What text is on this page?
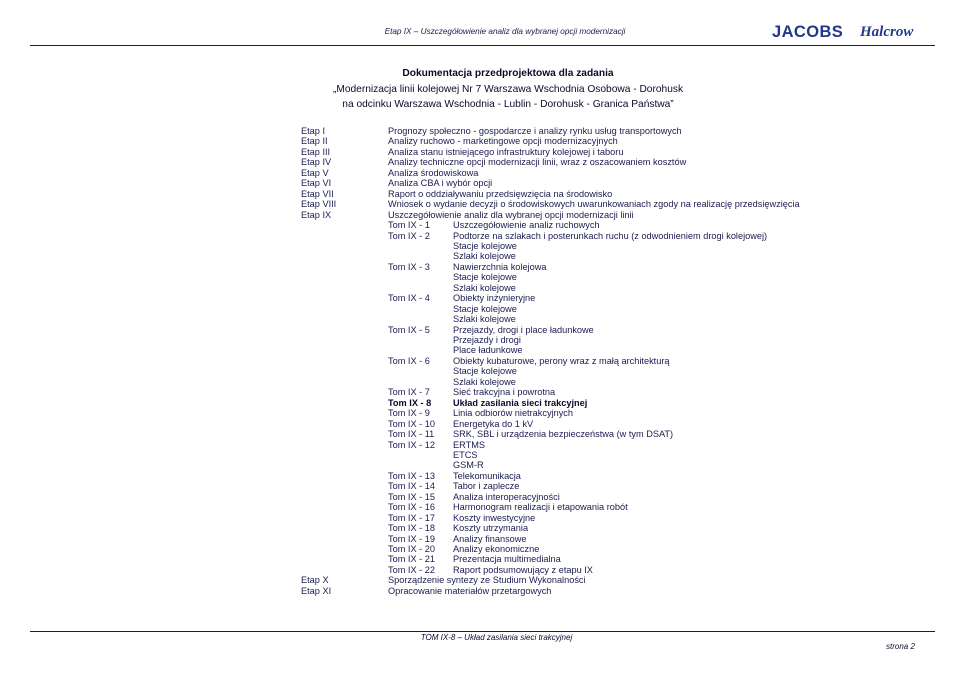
Etap IX – Uszczegółowienie analiz dla wybranej opcji modernizacji	JACOBS Halcrow
Dokumentacja przedprojektowa dla zadania
„Modernizacja linii kolejowej Nr 7 Warszawa Wschodnia Osobowa - Dorohusk
na odcinku Warszawa Wschodnia - Lublin - Dorohusk - Granica Państwa”
Etap I	Prognozy społeczno - gospodarcze i analizy rynku usług transportowych
Etap II	Analizy ruchowo - marketingowe opcji modernizacyjnych
Etap III	Analiza stanu istniejącego infrastruktury kolejowej i taboru
Etap IV	Analizy techniczne opcji modernizacji linii, wraz z oszacowaniem kosztów
Etap V	Analiza środowiskowa
Etap VI	Analiza CBA i wybór opcji
Etap VII	Raport o oddziaływaniu przedsięwzięcia na środowisko
Etap VIII	Wniosek o wydanie decyzji o środowiskowych uwarunkowaniach zgody na realizację przedsięwzięcia
Etap IX	Uszczegółowienie analiz dla wybranej opcji modernizacji linii
Tom IX - 1	Uszczegółowienie analiz ruchowych
Tom IX - 2	Podtorze na szlakach i posterunkach ruchu (z odwodnieniem drogi kolejowej)
Stacje kolejowe
Szlaki kolejowe
Tom IX - 3	Nawierzchnia kolejowa
Stacje kolejowe
Szlaki kolejowe
Tom IX - 4	Obiekty inżynieryjne
Stacje kolejowe
Szlaki kolejowe
Tom IX - 5	Przejazdy, drogi i place ładunkowe
Przejazdy i drogi
Place ładunkowe
Tom IX - 6	Obiekty kubaturowe, perony wraz z małą architekturą
Stacje kolejowe
Szlaki kolejowe
Tom IX - 7	Sieć trakcyjna i powrotna
Tom IX - 8 Układ zasilania sieci trakcyjnej
Tom IX - 9	Linia odbiorów nietrakcyjnych
Tom IX - 10 Energetyka do 1 kV
Tom IX - 11 SRK, SBL i urządzenia bezpieczeństwa (w tym DSAT)
Tom IX - 12 ERTMS
ETCS
GSM-R
Tom IX - 13 Telekomunikacja
Tom IX - 14 Tabor i zaplecze
Tom IX - 15 Analiza interoperacyjności
Tom IX - 16 Harmonogram realizacji i etapowania robót
Tom IX - 17 Koszty inwestycyjne
Tom IX - 18 Koszty utrzymania
Tom IX - 19 Analizy finansowe
Tom IX - 20 Analizy ekonomiczne
Tom IX - 21 Prezentacja multimedialna
Tom IX - 22 Raport podsumowujący z etapu IX
Etap X	Sporządzenie syntezy ze Studium Wykonalności
Etap XI	Opracowanie materiałów przetargowych
TOM IX-8 – Układ zasilania sieci trakcyjnej
strona 2
